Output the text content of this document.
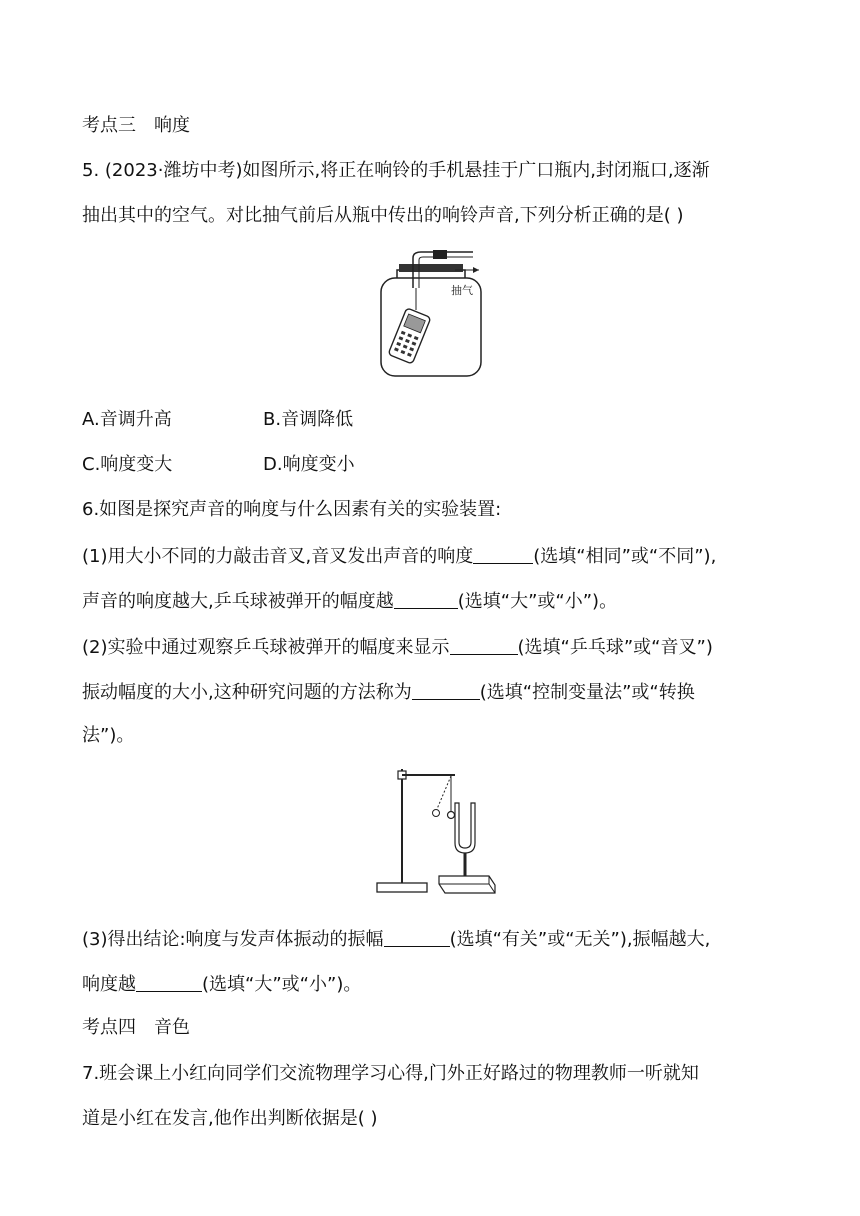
考点三　响度
5. (2023·潍坊中考)如图所示,将正在响铃的手机悬挂于广口瓶内,封闭瓶口,逐渐
抽出其中的空气。对比抽气前后从瓶中传出的响铃声音,下列分析正确的是( )
抽气
A.音调升高	B.音调降低
C.响度变大	D.响度变小
6.如图是探究声音的响度与什么因素有关的实验装置:
(1)用大小不同的力敲击音叉,音叉发出声音的响度	(选填“相同”或“不同”),
声音的响度越大,乒乓球被弹开的幅度越	(选填“大”或“小”)。
(2)实验中通过观察乒乓球被弹开的幅度来显示	(选填“乒乓球”或“音叉”)
振动幅度的大小,这种研究问题的方法称为	(选填“控制变量法”或“转换
法”)。
(3)得出结论:响度与发声体振动的振幅	(选填“有关”或“无关”),振幅越大,
响度越	(选填“大”或“小”)。
考点四　音色
7.班会课上小红向同学们交流物理学习心得,门外正好路过的物理教师一听就知
道是小红在发言,他作出判断依据是( )
